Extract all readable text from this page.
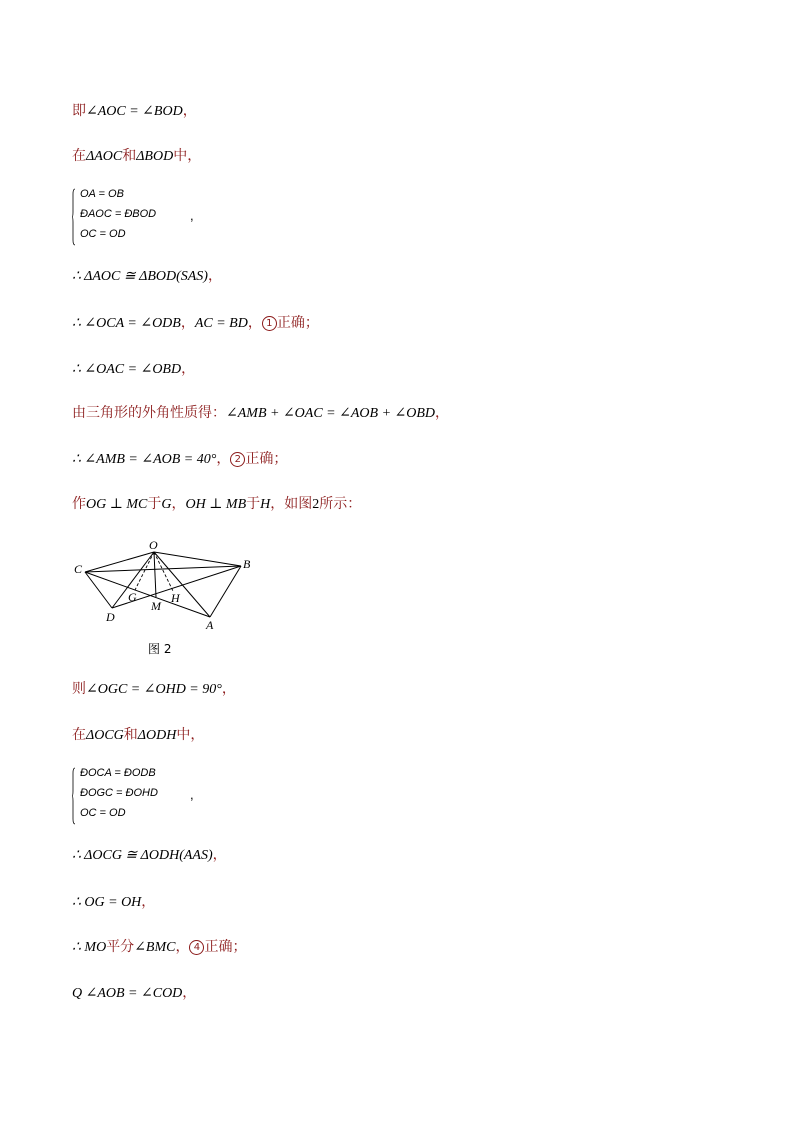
即∠AOC = ∠BOD，
在ΔAOC和ΔBOD中，
OA = OB
ÐAOC = ÐBOD
OC = OD
,
∴ ΔAOC ≅ ΔBOD(SAS)，
∴ ∠OCA = ∠ODB，AC = BD， 1 正确；
∴ ∠OAC = ∠OBD，
由三角形的外角性质得：∠AMB + ∠OAC = ∠AOB + ∠OBD，
∴ ∠AMB = ∠AOB = 40°， 2 正确；
作OG ⊥ MC于G，OH ⊥ MB于H，如图2所示：
O
C	B
D
A
G
M
H
图 2
则∠OGC = ∠OHD = 90°，
在ΔOCG和ΔODH中，
ÐOCA = ÐODB
ÐOGC = ÐOHD
OC = OD
,
∴ ΔOCG ≅ ΔODH(AAS)，
∴ OG = OH，
∴ MO平分∠BMC， 4 正确；
Q ∠AOB = ∠COD，
